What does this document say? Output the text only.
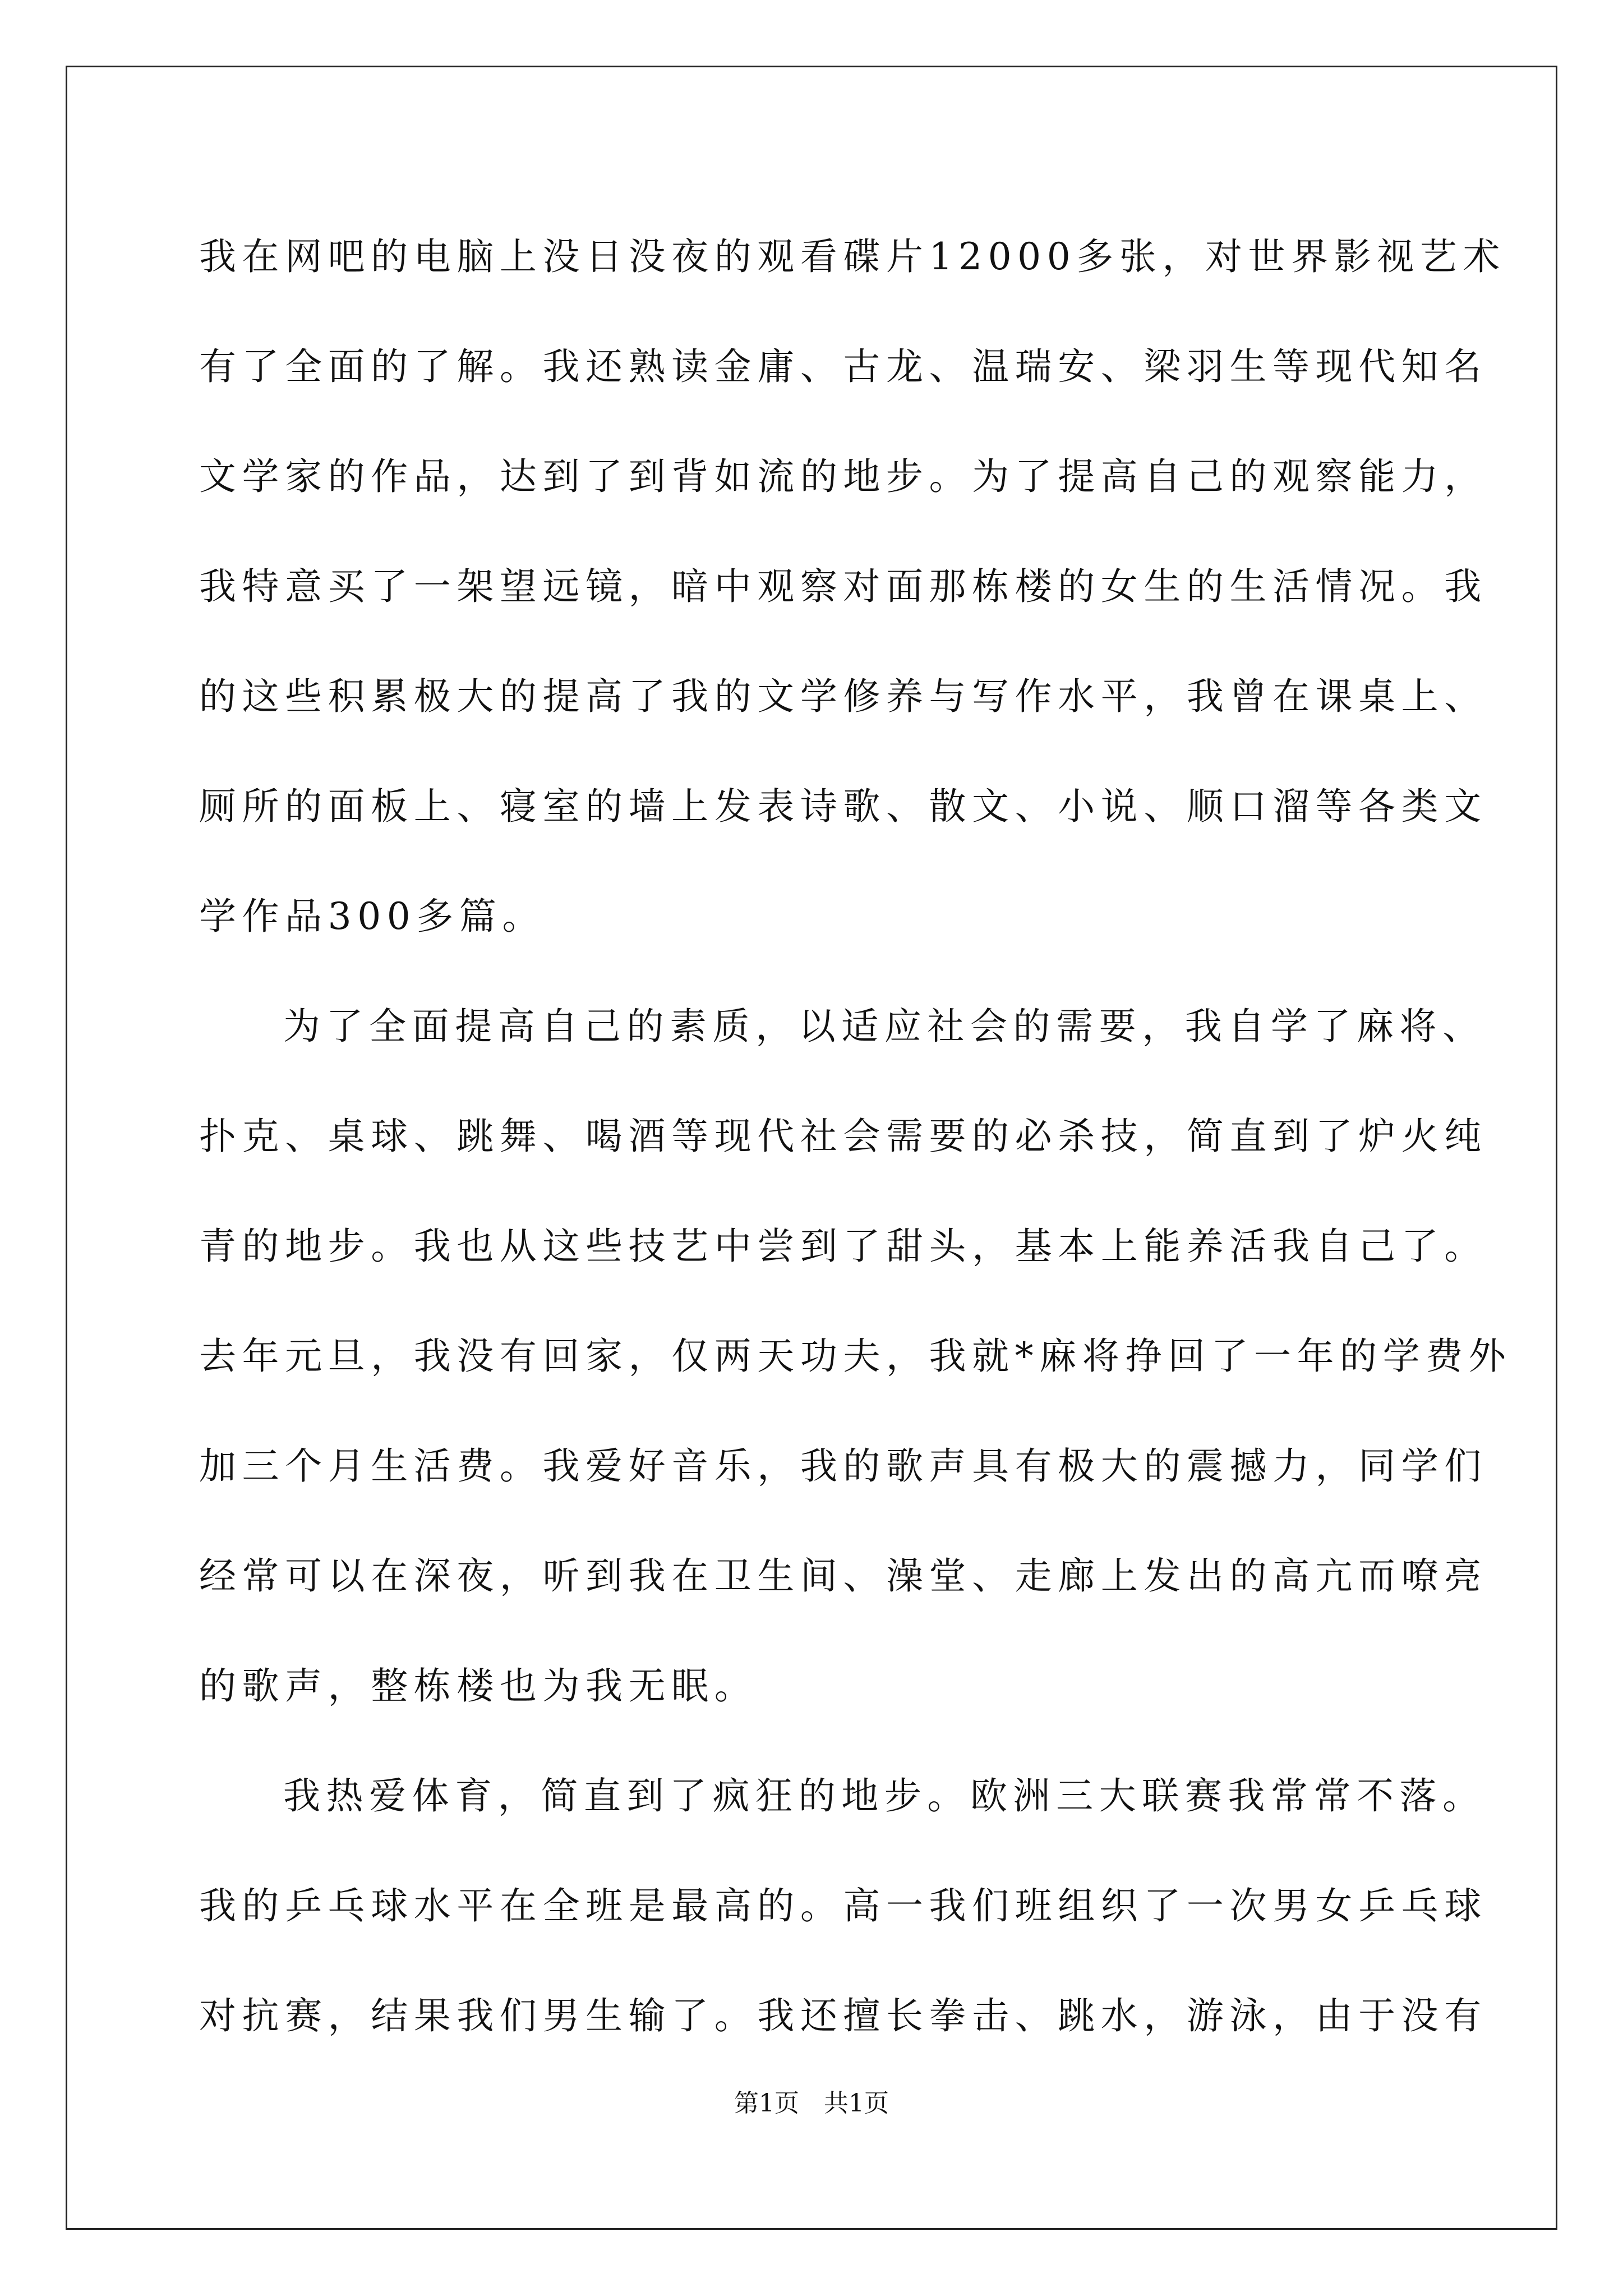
我在网吧的电脑上没日没夜的观看碟片12000多张，对世界影视艺术
有了全面的了解。我还熟读金庸、古龙、温瑞安、梁羽生等现代知名
文学家的作品，达到了到背如流的地步。为了提高自己的观察能力，
我特意买了一架望远镜，暗中观察对面那栋楼的女生的生活情况。我
的这些积累极大的提高了我的文学修养与写作水平，我曾在课桌上、
厕所的面板上、寝室的墙上发表诗歌、散文、小说、顺口溜等各类文
学作品300多篇。
为了全面提高自己的素质，以适应社会的需要，我自学了麻将、
扑克、桌球、跳舞、喝酒等现代社会需要的必杀技，简直到了炉火纯
青的地步。我也从这些技艺中尝到了甜头，基本上能养活我自己了。
去年元旦，我没有回家，仅两天功夫，我就*麻将挣回了一年的学费外
加三个月生活费。我爱好音乐，我的歌声具有极大的震撼力，同学们
经常可以在深夜，听到我在卫生间、澡堂、走廊上发出的高亢而嘹亮
的歌声，整栋楼也为我无眠。
我热爱体育，简直到了疯狂的地步。欧洲三大联赛我常常不落。
我的乒乓球水平在全班是最高的。高一我们班组织了一次男女乒乓球
对抗赛，结果我们男生输了。我还擅长拳击、跳水，游泳，由于没有
第1页　共1页
